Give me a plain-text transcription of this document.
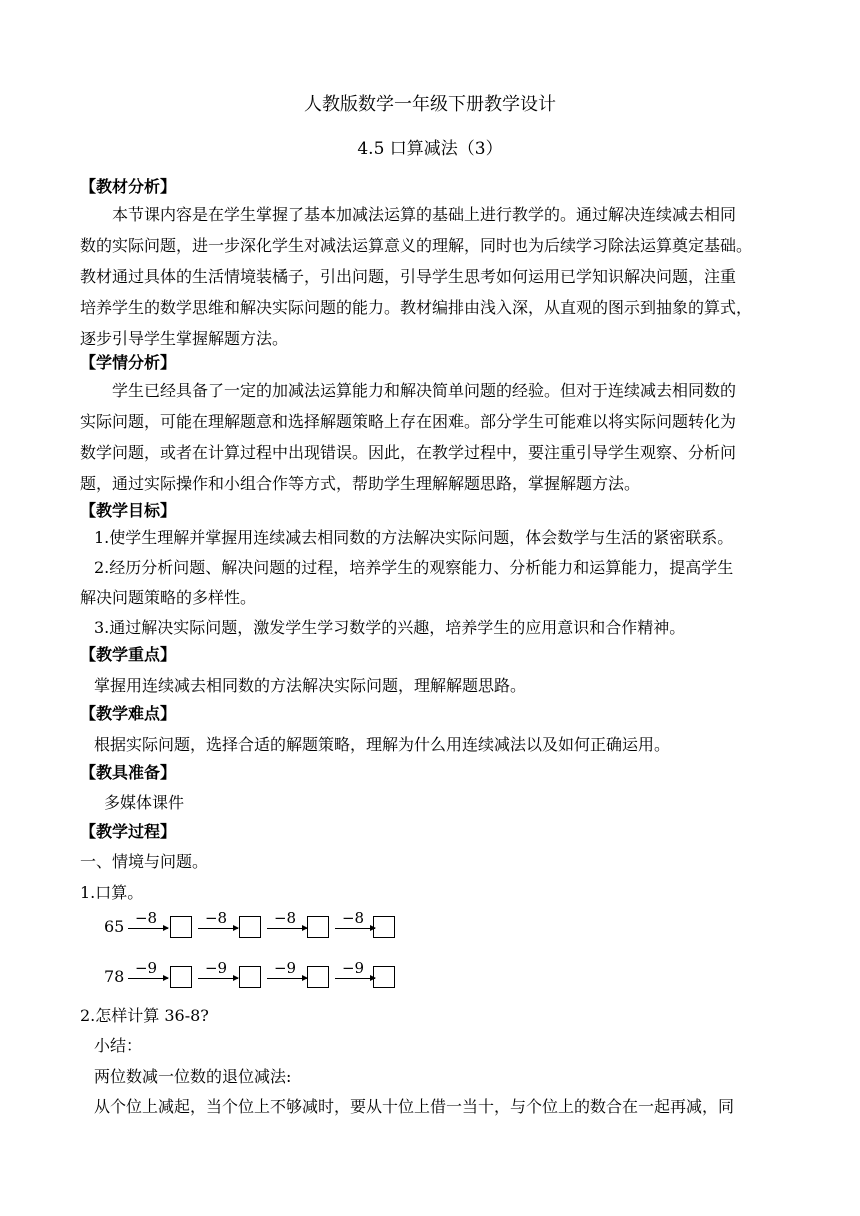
人教版数学一年级下册教学设计
4.5 口算减法（3）
【教材分析】
本节课内容是在学生掌握了基本加减法运算的基础上进行教学的。通过解决连续减去相同
数的实际问题，进一步深化学生对减法运算意义的理解，同时也为后续学习除法运算奠定基础。
教材通过具体的生活情境装橘子，引出问题，引导学生思考如何运用已学知识解决问题，注重
培养学生的数学思维和解决实际问题的能力。教材编排由浅入深，从直观的图示到抽象的算式，
逐步引导学生掌握解题方法。
【学情分析】
学生已经具备了一定的加减法运算能力和解决简单问题的经验。但对于连续减去相同数的
实际问题，可能在理解题意和选择解题策略上存在困难。部分学生可能难以将实际问题转化为
数学问题，或者在计算过程中出现错误。因此，在教学过程中，要注重引导学生观察、分析问
题，通过实际操作和小组合作等方式，帮助学生理解解题思路，掌握解题方法。
【教学目标】
1.使学生理解并掌握用连续减去相同数的方法解决实际问题，体会数学与生活的紧密联系。
2.经历分析问题、解决问题的过程，培养学生的观察能力、分析能力和运算能力，提高学生
解决问题策略的多样性。
3.通过解决实际问题，激发学生学习数学的兴趣，培养学生的应用意识和合作精神。
【教学重点】
掌握用连续减去相同数的方法解决实际问题，理解解题思路。
【教学难点】
根据实际问题，选择合适的解题策略，理解为什么用连续减法以及如何正确运用。
【教具准备】
多媒体课件
【教学过程】
一、情境与问题。
1.口算。
65 −8	−8	−8	−8
78 −9	−9	−9	−9
2.怎样计算 36-8?
小结：
两位数减一位数的退位减法:
从个位上减起，当个位上不够减时，要从十位上借一当十，与个位上的数合在一起再减，同
